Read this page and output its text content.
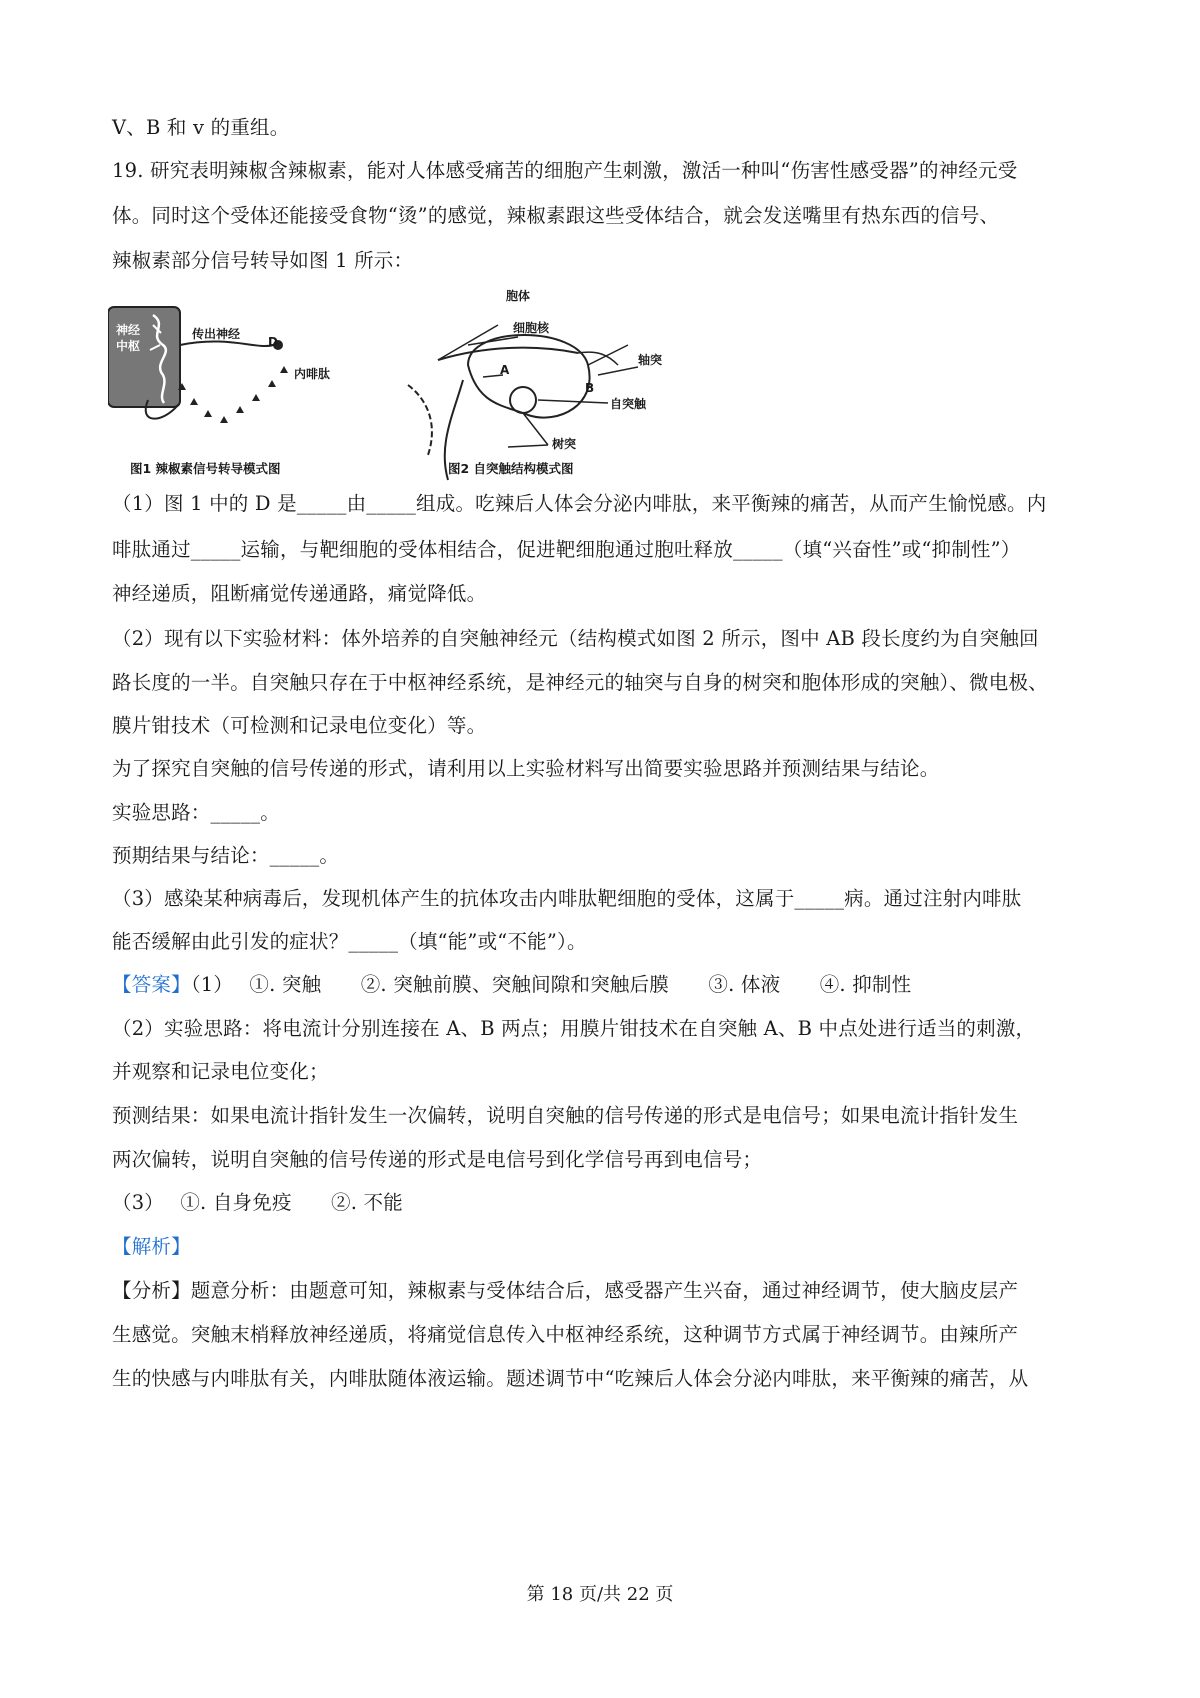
V、B 和 v 的重组。
19. 研究表明辣椒含辣椒素，能对人体感受痛苦的细胞产生刺激，激活一种叫“伤害性感受器”的神经元受
体。同时这个受体还能接受食物“烫”的感觉，辣椒素跟这些受体结合，就会发送嘴里有热东西的信号、
辣椒素部分信号转导如图 1 所示：
神经
中枢
传出神经
D
内啡肽
图1 辣椒素信号转导模式图
胞体
细胞核
轴突
A
B
自突触
树突
图2 自突触结构模式图
（1）图 1 中的 D 是_____由_____组成。吃辣后人体会分泌内啡肽，来平衡辣的痛苦，从而产生愉悦感。内
啡肽通过_____运输，与靶细胞的受体相结合，促进靶细胞通过胞吐释放_____（填“兴奋性”或“抑制性”）
神经递质，阻断痛觉传递通路，痛觉降低。
（2）现有以下实验材料：体外培养的自突触神经元（结构模式如图 2 所示，图中 AB 段长度约为自突触回
路长度的一半。自突触只存在于中枢神经系统，是神经元的轴突与自身的树突和胞体形成的突触）、微电极、
膜片钳技术（可检测和记录电位变化）等。
为了探究自突触的信号传递的形式，请利用以上实验材料写出简要实验思路并预测结果与结论。
实验思路：_____。
预期结果与结论：_____。
（3）感染某种病毒后，发现机体产生的抗体攻击内啡肽靶细胞的受体，这属于_____病。通过注射内啡肽
能否缓解由此引发的症状？_____（填“能”或“不能”）。
【答案】（1）　 ①. 突触　　②. 突触前膜、突触间隙和突触后膜　　③. 体液　　④. 抑制性
（2）实验思路：将电流计分别连接在 A、B 两点；用膜片钳技术在自突触 A、B 中点处进行适当的刺激，
并观察和记录电位变化；
预测结果：如果电流计指针发生一次偏转，说明自突触的信号传递的形式是电信号；如果电流计指针发生
两次偏转，说明自突触的信号传递的形式是电信号到化学信号再到电信号；
（3）　 ①. 自身免疫　　②. 不能
【解析】
【分析】题意分析：由题意可知，辣椒素与受体结合后，感受器产生兴奋，通过神经调节，使大脑皮层产
生感觉。突触末梢释放神经递质，将痛觉信息传入中枢神经系统，这种调节方式属于神经调节。由辣所产
生的快感与内啡肽有关，内啡肽随体液运输。题述调节中“吃辣后人体会分泌内啡肽，来平衡辣的痛苦，从
第 18 页/共 22 页
